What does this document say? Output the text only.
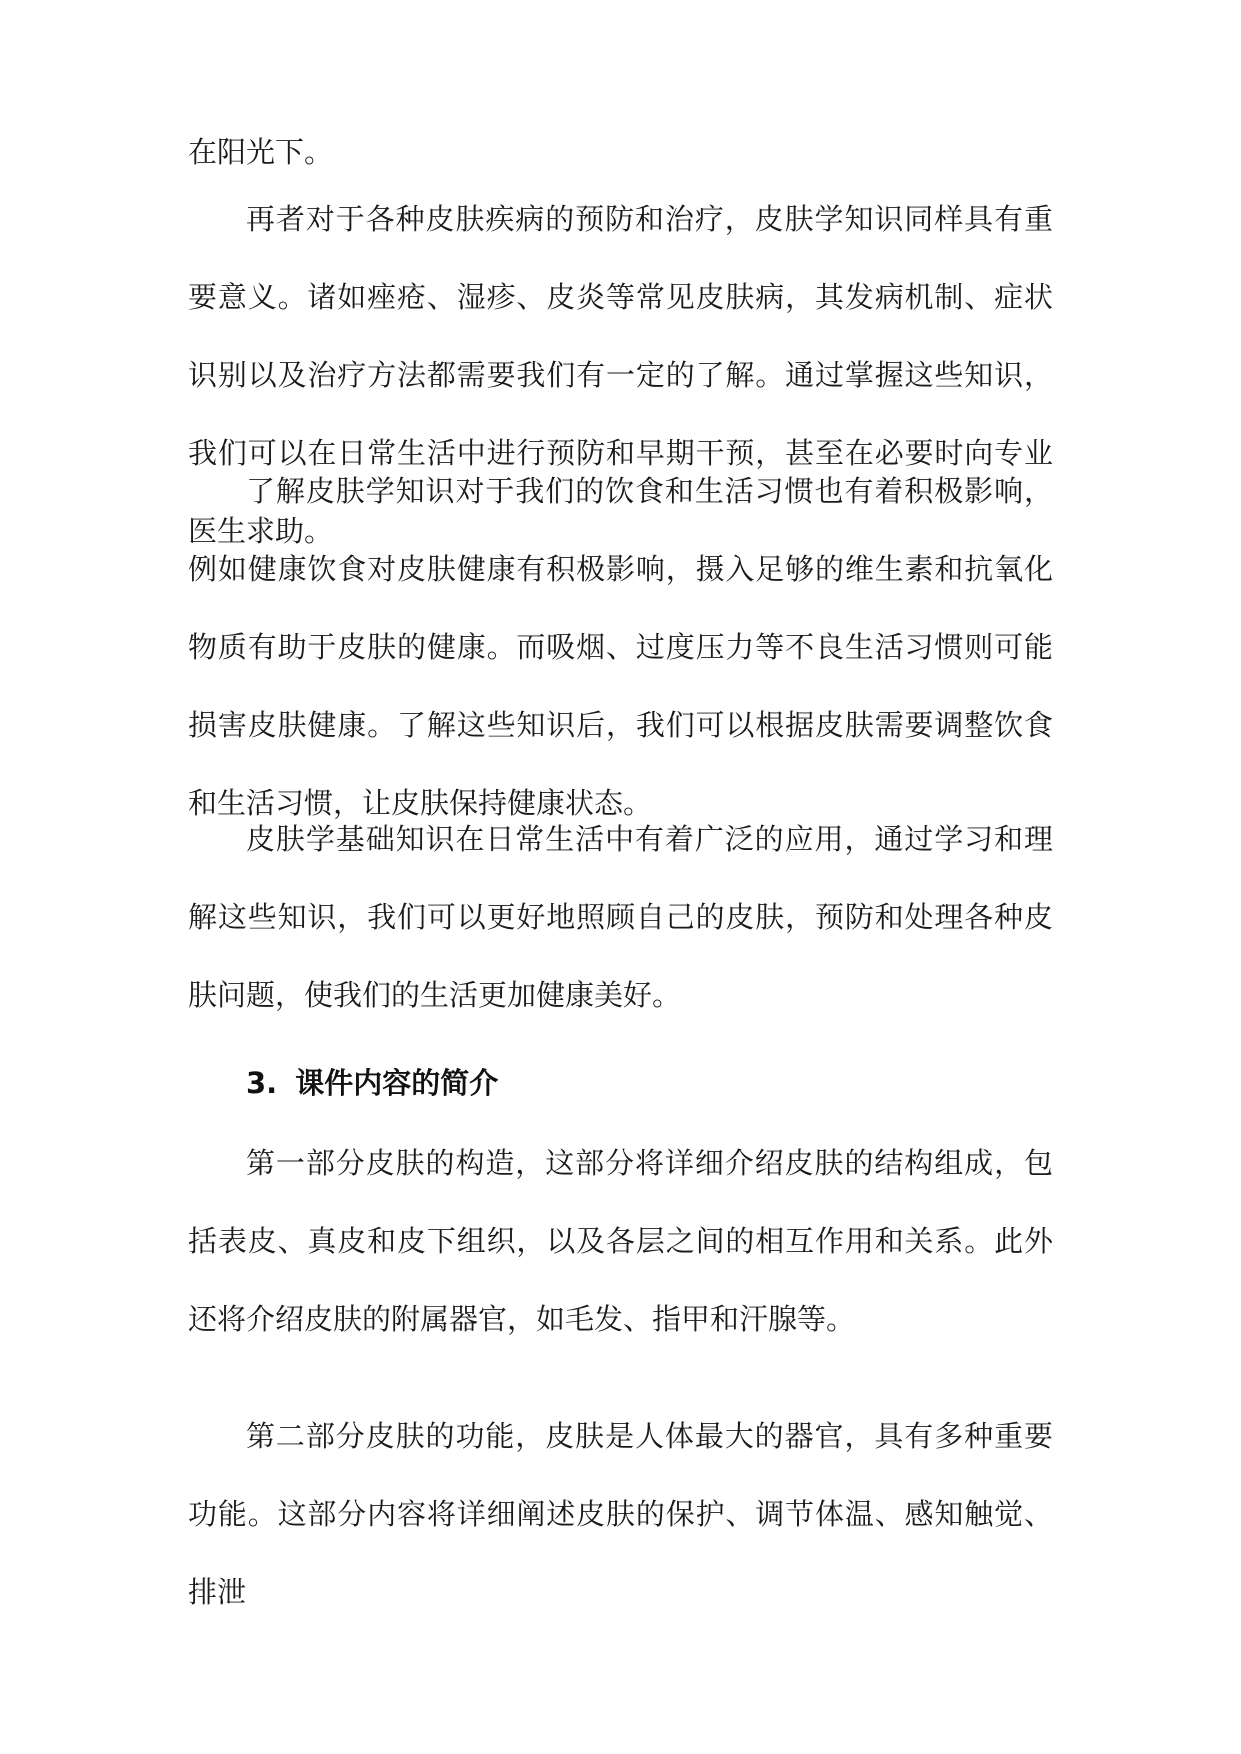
在阳光下。

再者对于各种皮肤疾病的预防和治疗，皮肤学知识同样具有重要意义。诸如痤疮、湿疹、皮炎等常见皮肤病，其发病机制、症状识别以及治疗方法都需要我们有一定的了解。通过掌握这些知识，我们可以在日常生活中进行预防和早期干预，甚至在必要时向专业医生求助。

了解皮肤学知识对于我们的饮食和生活习惯也有着积极影响，例如健康饮食对皮肤健康有积极影响，摄入足够的维生素和抗氧化物质有助于皮肤的健康。而吸烟、过度压力等不良生活习惯则可能损害皮肤健康。了解这些知识后，我们可以根据皮肤需要调整饮食和生活习惯，让皮肤保持健康状态。

皮肤学基础知识在日常生活中有着广泛的应用，通过学习和理解这些知识，我们可以更好地照顾自己的皮肤，预防和处理各种皮肤问题，使我们的生活更加健康美好。

3. 课件内容的简介

第一部分皮肤的构造，这部分将详细介绍皮肤的结构组成，包括表皮、真皮和皮下组织，以及各层之间的相互作用和关系。此外还将介绍皮肤的附属器官，如毛发、指甲和汗腺等。

第二部分皮肤的功能，皮肤是人体最大的器官，具有多种重要功能。这部分内容将详细阐述皮肤的保护、调节体温、感知触觉、排泄
